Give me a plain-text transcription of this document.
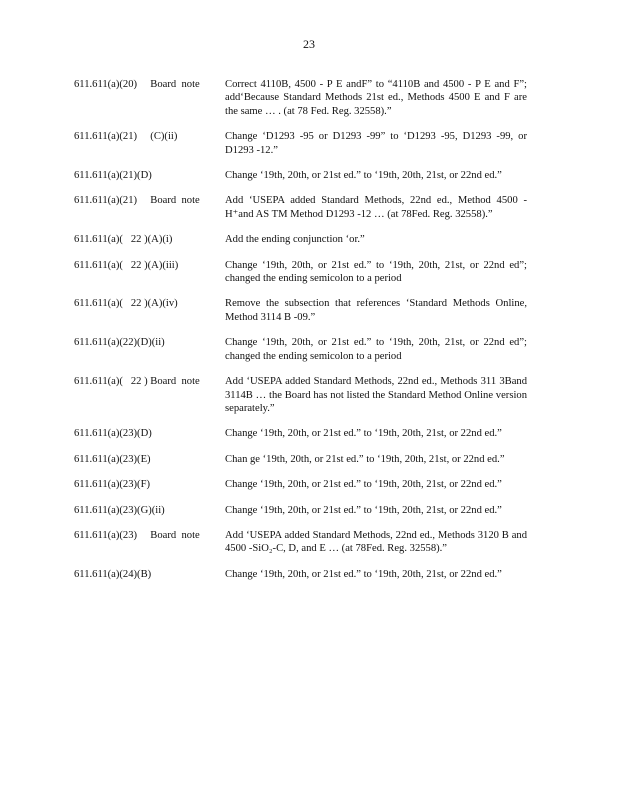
23
611.611(a)(20)     Board  note	Correct 4110B, 4500 - P E andF” to “4110B and 4500 - P E and F”; add‘Because Standard Methods 21st ed., Methods 4500 E and F are the same … . (at 78 Fed. Reg. 32558).”
611.611(a)(21)     (C)(ii)	Change ‘D1293 -95 or D1293 -99” to ‘D1293 -95, D1293 -99, or D1293 -12.”
611.611(a)(21)(D)	Change ‘19th, 20th, or 21st ed.” to ‘19th, 20th, 21st, or 22nd ed.”
611.611(a)(21)     Board  note	Add ‘USEPA added Standard Methods, 22nd ed., Method 4500 -H⁺and AS TM Method D1293 -12 … (at 78Fed. Reg. 32558).”
611.611(a)(   22 )(A)(i)	Add the ending conjunction ‘or.”
611.611(a)(   22 )(A)(iii)	Change ‘19th, 20th, or 21st ed.” to ‘19th, 20th, 21st, or 22nd ed”; changed the ending semicolon to a period
611.611(a)(   22 )(A)(iv)	Remove the subsection that references ‘Standard Methods Online, Method 3114 B -09.”
611.611(a)(22)(D)(ii)	Change ‘19th, 20th, or 21st ed.” to ‘19th, 20th, 21st, or 22nd ed”; changed the ending semicolon to a period
611.611(a)(   22 ) Board  note	Add ‘USEPA added Standard Methods, 22nd ed., Methods 311 3Band 3114B … the Board has not listed the Standard Method Online version separately.”
611.611(a)(23)(D)	Change ‘19th, 20th, or 21st ed.” to ‘19th, 20th, 21st, or 22nd ed.”
611.611(a)(23)(E)	Chan ge ‘19th, 20th, or 21st ed.” to ‘19th, 20th, 21st, or 22nd ed.”
611.611(a)(23)(F)	Change ‘19th, 20th, or 21st ed.” to ‘19th, 20th, 21st, or 22nd ed.”
611.611(a)(23)(G)(ii)	Change ‘19th, 20th, or 21st ed.” to ‘19th, 20th, 21st, or 22nd ed.”
611.611(a)(23)     Board  note	Add ‘USEPA added Standard Methods, 22nd ed., Methods 3120 B and 4500 -SiO₂-C, D, and E … (at 78Fed. Reg. 32558).”
611.611(a)(24)(B)	Change ‘19th, 20th, or 21st ed.” to ‘19th, 20th, 21st, or 22nd ed.”
